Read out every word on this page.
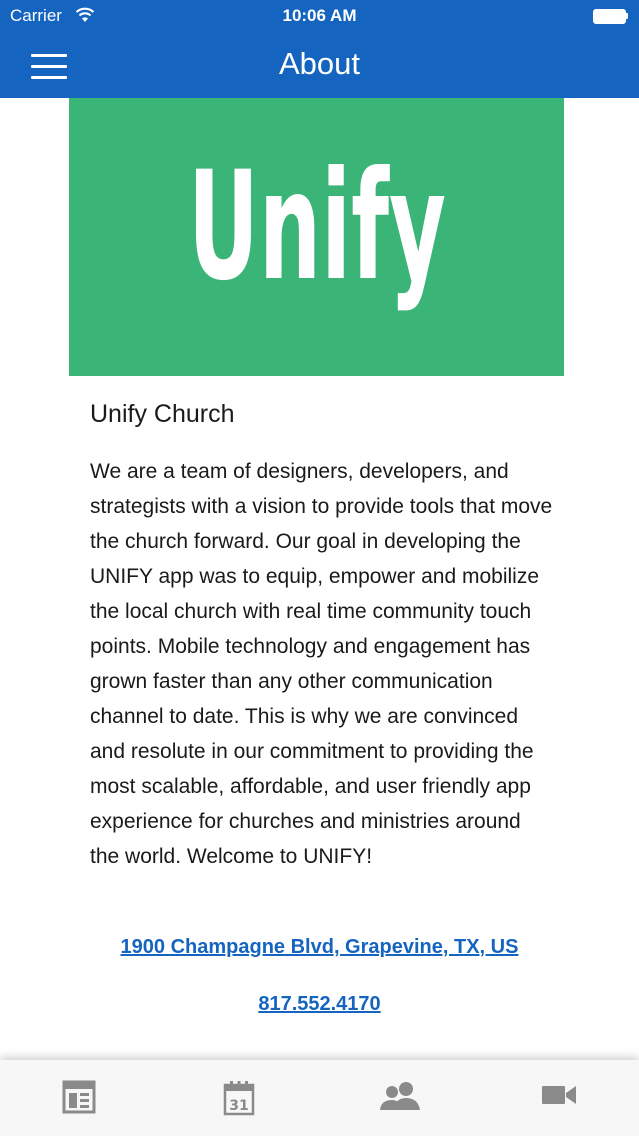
Carrier	10:06 AM
About
Unify

Unify Church

We are a team of designers, developers, and strategists with a vision to provide tools that move the church forward. Our goal in developing the UNIFY app was to equip, empower and mobilize the local church with real time community touch points. Mobile technology and engagement has grown faster than any other communication channel to date. This is why we are convinced and resolute in our commitment to providing the most scalable, affordable, and user friendly app experience for churches and ministries around the world. Welcome to UNIFY!

1900 Champagne Blvd, Grapevine, TX, US
817.552.4170
31
